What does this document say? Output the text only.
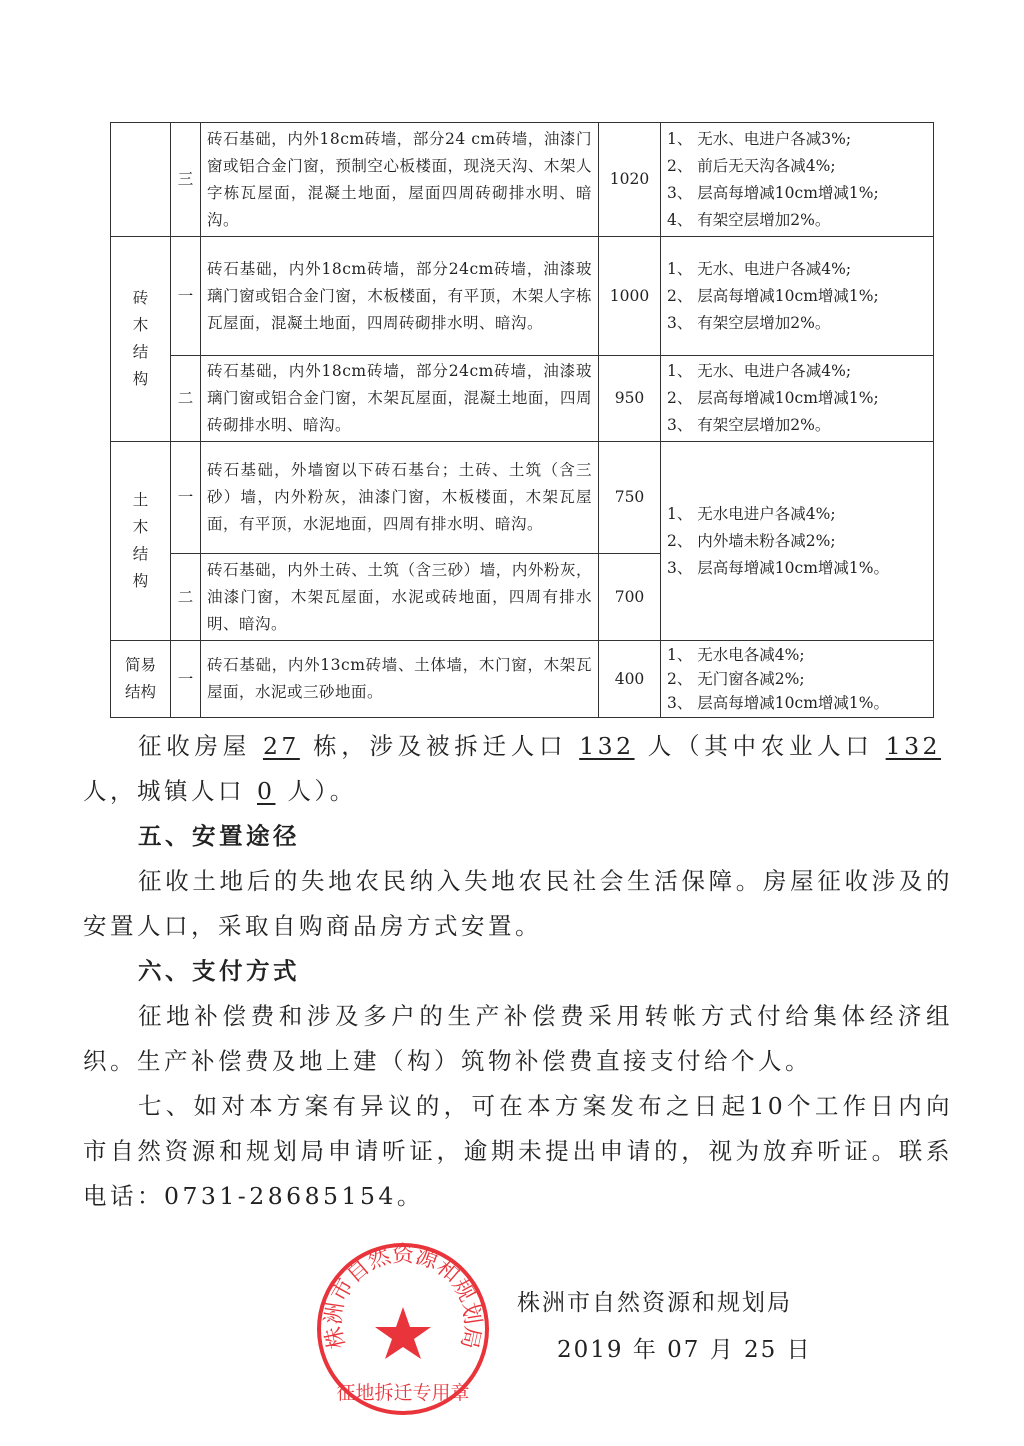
	三	砖石基础，内外18cm砖墙，部分24 cm砖墙，油漆门窗或铝合金门窗，预制空心板楼面，现浇天沟、木架人字栋瓦屋面，混凝土地面，屋面四周砖砌排水明、暗沟。	1020	1、 无水、电进户各减3%;
2、 前后无天沟各减4%;
3、 层高每增减10cm增减1%;
4、 有架空层增加2%。

砖木结构	一	砖石基础，内外18cm砖墙，部分24cm砖墙，油漆玻璃门窗或铝合金门窗，木板楼面，有平顶，木架人字栋瓦屋面，混凝土地面，四周砖砌排水明、暗沟。	1000	1、 无水、电进户各减4%;
2、 层高每增减10cm增减1%;
3、 有架空层增加2%。

	二	砖石基础，内外18cm砖墙，部分24cm砖墙，油漆玻璃门窗或铝合金门窗，木架瓦屋面，混凝土地面，四周砖砌排水明、暗沟。	950	1、 无水、电进户各减4%;
2、 层高每增减10cm增减1%;
3、 有架空层增加2%。

土木结构	一	砖石基础，外墙窗以下砖石基台；土砖、土筑（含三砂）墙，内外粉灰，油漆门窗，木板楼面，木架瓦屋面，有平顶，水泥地面，四周有排水明、暗沟。	750	1、 无水电进户各减4%;
2、 内外墙未粉各减2%;
3、 层高每增减10cm增减1%。

	二	砖石基础，内外土砖、土筑（含三砂）墙，内外粉灰，油漆门窗，木架瓦屋面，水泥或砖地面，四周有排水明、暗沟。	700	
简易结构	一	砖石基础，内外13cm砖墙、土体墙，木门窗，木架瓦屋面，水泥或三砂地面。	400	1、 无水电各减4%;
2、 无门窗各减2%;
3、 层高每增减10cm增减1%。

征收房屋 27 栋，涉及被拆迁人口 132 人（其中农业人口 132人，城镇人口 0 人）。

五、安置途径

征收土地后的失地农民纳入失地农民社会生活保障。房屋征收涉及的安置人口，采取自购商品房方式安置。

六、支付方式

征地补偿费和涉及多户的生产补偿费采用转帐方式付给集体经济组织。生产补偿费及地上建（构）筑物补偿费直接支付给个人。

七、如对本方案有异议的，可在本方案发布之日起10个工作日内向市自然资源和规划局申请听证，逾期未提出申请的，视为放弃听证。联系电话：0731-28685154。

株洲市自然资源和规划局
征地拆迁专用章
株洲市自然资源和规划局
2019 年 07 月 25 日
